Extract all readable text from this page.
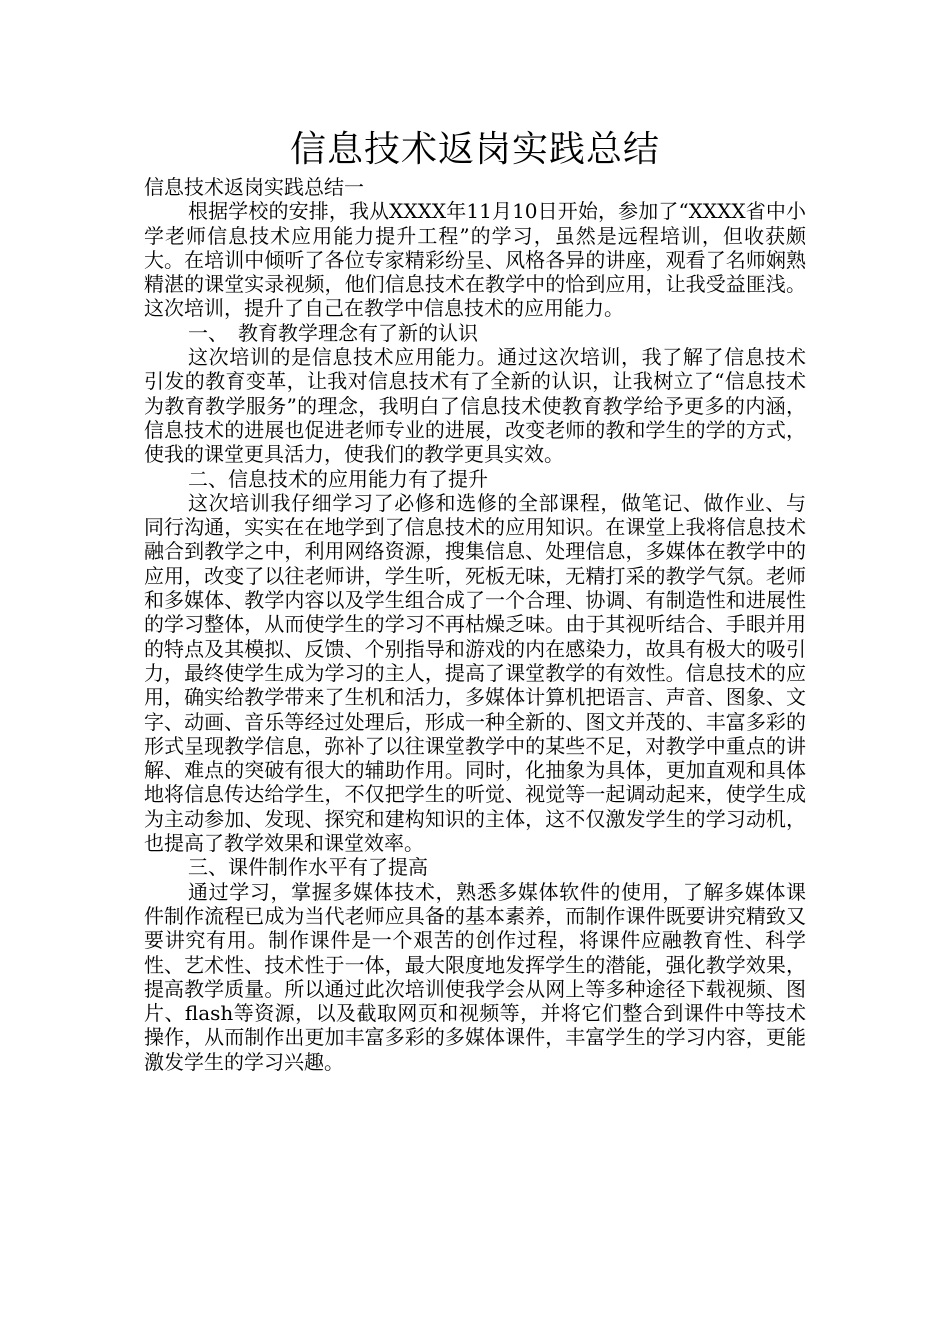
信息技术返岗实践总结

信息技术返岗实践总结一

根据学校的安排，我从XXXX年11月10日开始，参加了“XXXX省中小学老师信息技术应用能力提升工程”的学习，虽然是远程培训，但收获颇大。在培训中倾听了各位专家精彩纷呈、风格各异的讲座，观看了名师娴熟精湛的课堂实录视频，他们信息技术在教学中的恰到应用，让我受益匪浅。这次培训，提升了自己在教学中信息技术的应用能力。

一、　教育教学理念有了新的认识

这次培训的是信息技术应用能力。通过这次培训，我了解了信息技术引发的教育变革，让我对信息技术有了全新的认识，让我树立了“信息技术为教育教学服务”的理念，我明白了信息技术使教育教学给予更多的内涵，信息技术的进展也促进老师专业的进展，改变老师的教和学生的学的方式，使我的课堂更具活力，使我们的教学更具实效。

二、信息技术的应用能力有了提升

这次培训我仔细学习了必修和选修的全部课程，做笔记、做作业、与同行沟通，实实在在地学到了信息技术的应用知识。在课堂上我将信息技术融合到教学之中，利用网络资源，搜集信息、处理信息，多媒体在教学中的应用，改变了以往老师讲，学生听，死板无味，无精打采的教学气氛。老师和多媒体、教学内容以及学生组合成了一个合理、协调、有制造性和进展性的学习整体，从而使学生的学习不再枯燥乏味。由于其视听结合、手眼并用的特点及其模拟、反馈、个别指导和游戏的内在感染力，故具有极大的吸引力，最终使学生成为学习的主人，提高了课堂教学的有效性。信息技术的应用，确实给教学带来了生机和活力，多媒体计算机把语言、声音、图象、文字、动画、音乐等经过处理后，形成一种全新的、图文并茂的、丰富多彩的形式呈现教学信息，弥补了以往课堂教学中的某些不足，对教学中重点的讲解、难点的突破有很大的辅助作用。同时，化抽象为具体，更加直观和具体地将信息传达给学生，不仅把学生的听觉、视觉等一起调动起来，使学生成为主动参加、发现、探究和建构知识的主体，这不仅激发学生的学习动机，也提高了教学效果和课堂效率。

三、课件制作水平有了提高

通过学习，掌握多媒体技术，熟悉多媒体软件的使用，了解多媒体课件制作流程已成为当代老师应具备的基本素养，而制作课件既要讲究精致又要讲究有用。制作课件是一个艰苦的创作过程，将课件应融教育性、科学性、艺术性、技术性于一体，最大限度地发挥学生的潜能，强化教学效果，提高教学质量。所以通过此次培训使我学会从网上等多种途径下载视频、图片、flash等资源，以及截取网页和视频等，并将它们整合到课件中等技术操作，从而制作出更加丰富多彩的多媒体课件，丰富学生的学习内容，更能激发学生的学习兴趣。
